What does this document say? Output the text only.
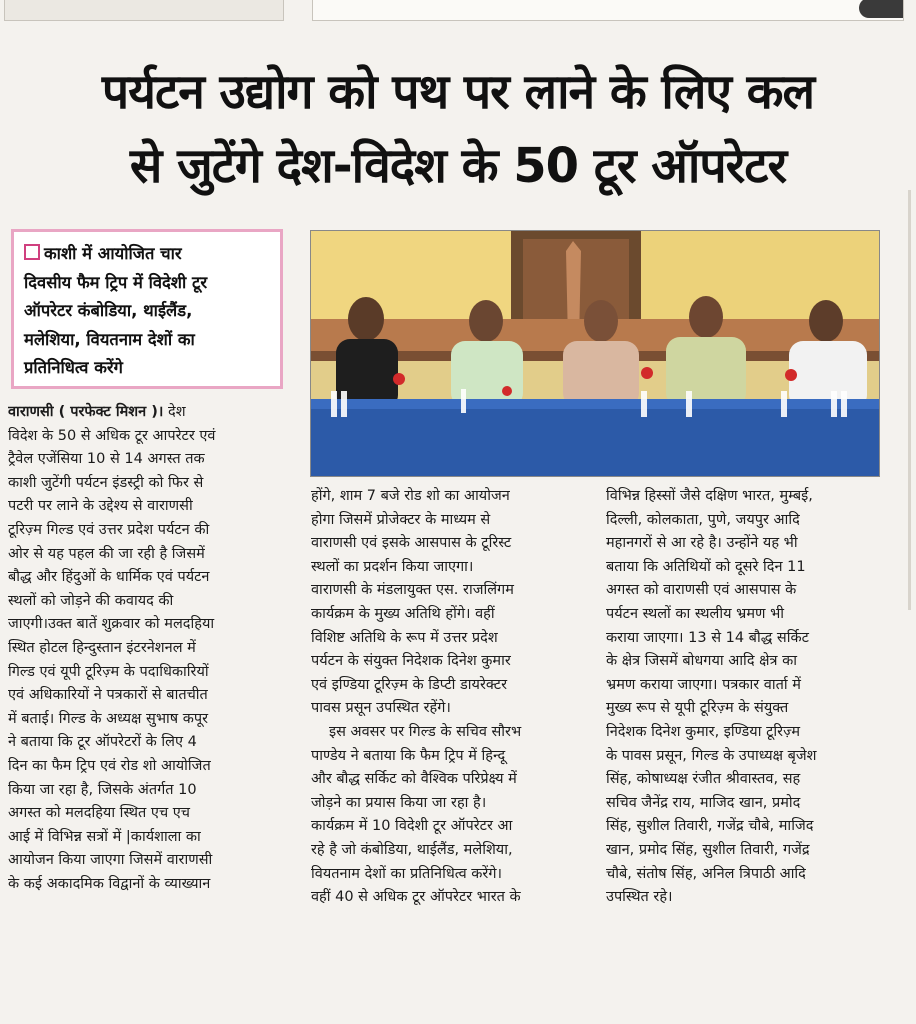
पर्यटन उद्योग को पथ पर लाने के लिए कल
से जुटेंगे देश-विदेश के 50 टूर ऑपरेटर
काशी में आयोजित चार
दिवसीय फैम ट्रिप में विदेशी टूर
ऑपरेटर कंबोडिया, थाईलैंड,
मलेशिया, वियतनाम देशों का
प्रतिनिधित्व करेंगे
वाराणसी ( परफेक्ट मिशन )। देश
विदेश के 50 से अधिक टूर आपरेटर एवं
ट्रैवेल एजेंसिया 10 से 14 अगस्त तक
काशी जुटेंगी पर्यटन इंडस्ट्री को फिर से
पटरी पर लाने के उद्देश्य से वाराणसी
टूरिज़्म गिल्ड एवं उत्तर प्रदेश पर्यटन की
ओर से यह पहल की जा रही है जिसमें
बौद्ध और हिंदुओं के धार्मिक एवं पर्यटन
स्थलों को जोड़ने की कवायद की
जाएगी।उक्त बातें शुक्रवार को मलदहिया
स्थित होटल हिन्दुस्तान इंटरनेशनल में
गिल्ड एवं यूपी टूरिज़्म के पदाधिकारियों
एवं अधिकारियों ने पत्रकारों से बातचीत
में बताई। गिल्ड के अध्यक्ष सुभाष कपूर
ने बताया कि टूर ऑपरेटरों के लिए 4
दिन का फैम ट्रिप एवं रोड शो आयोजित
किया जा रहा है, जिसके अंतर्गत 10
अगस्त को मलदहिया स्थित एच एच
आई में विभिन्न सत्रों में |कार्यशाला का
आयोजन किया जाएगा जिसमें वाराणसी
के कई अकादमिक विद्वानों के व्याख्यान
होंगे, शाम 7 बजे रोड शो का आयोजन
होगा जिसमें प्रोजेक्टर के माध्यम से
वाराणसी एवं इसके आसपास के टूरिस्ट
स्थलों का प्रदर्शन किया जाएगा।
वाराणसी के मंडलायुक्त एस. राजलिंगम
कार्यक्रम के मुख्य अतिथि होंगे। वहीं
विशिष्ट अतिथि के रूप में उत्तर प्रदेश
पर्यटन के संयुक्त निदेशक दिनेश कुमार
एवं इण्डिया टूरिज़्म के डिप्टी डायरेक्टर
पावस प्रसून उपस्थित रहेंगे।
इस अवसर पर गिल्ड के सचिव सौरभ
पाण्डेय ने बताया कि फैम ट्रिप में हिन्दू
और बौद्ध सर्किट को वैश्विक परिप्रेक्ष्य में
जोड़ने का प्रयास किया जा रहा है।
कार्यक्रम में 10 विदेशी टूर ऑपरेटर आ
रहे है जो कंबोडिया, थाईलैंड, मलेशिया,
वियतनाम देशों का प्रतिनिधित्व करेंगे।
वहीं 40 से अधिक टूर ऑपरेटर भारत के
विभिन्न हिस्सों जैसे दक्षिण भारत, मुम्बई,
दिल्ली, कोलकाता, पुणे, जयपुर आदि
महानगरों से आ रहे है। उन्होंने यह भी
बताया कि अतिथियों को दूसरे दिन 11
अगस्त को वाराणसी एवं आसपास के
पर्यटन स्थलों का स्थलीय भ्रमण भी
कराया जाएगा। 13 से 14 बौद्ध सर्किट
के क्षेत्र जिसमें बोधगया आदि क्षेत्र का
भ्रमण कराया जाएगा। पत्रकार वार्ता में
मुख्य रूप से यूपी टूरिज़्म के संयुक्त
निदेशक दिनेश कुमार, इण्डिया टूरिज़्म
के पावस प्रसून, गिल्ड के उपाध्यक्ष बृजेश
सिंह, कोषाध्यक्ष रंजीत श्रीवास्तव, सह
सचिव जैनेंद्र राय, माजिद खान, प्रमोद
सिंह, सुशील तिवारी, गजेंद्र चौबे, माजिद
खान, प्रमोद सिंह, सुशील तिवारी, गजेंद्र
चौबे, संतोष सिंह, अनिल त्रिपाठी आदि
उपस्थित रहे।
